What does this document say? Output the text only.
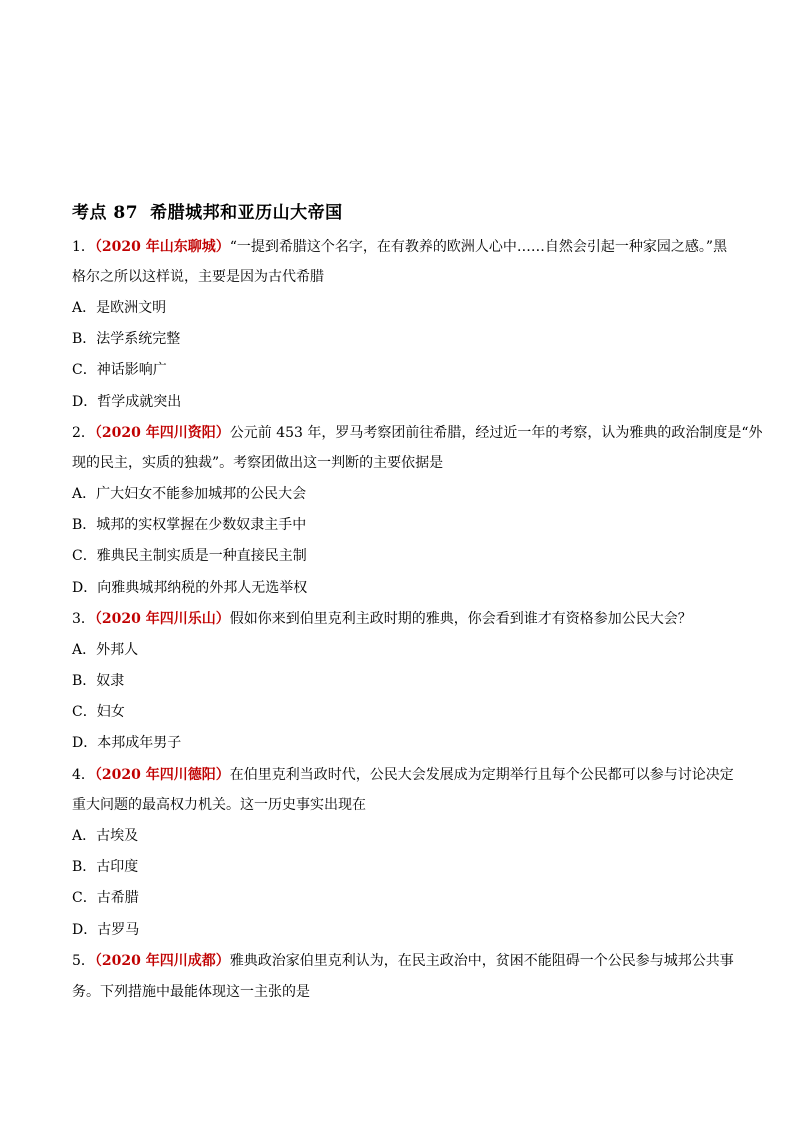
考点 87 希腊城邦和亚历山大帝国
1．（2020 年山东聊城）“一提到希腊这个名字，在有教养的欧洲人心中……自然会引起一种家园之感。”黑
格尔之所以这样说，主要是因为古代希腊
A．是欧洲文明
B．法学系统完整
C．神话影响广
D．哲学成就突出
2．（2020 年四川资阳）公元前 453 年，罗马考察团前往希腊，经过近一年的考察，认为雅典的政治制度是“外
现的民主，实质的独裁”。考察团做出这一判断的主要依据是
A．广大妇女不能参加城邦的公民大会
B．城邦的实权掌握在少数奴隶主手中
C．雅典民主制实质是一种直接民主制
D．向雅典城邦纳税的外邦人无选举权
3．（2020 年四川乐山）假如你来到伯里克利主政时期的雅典，你会看到谁才有资格参加公民大会？
A．外邦人
B．奴隶
C．妇女
D．本邦成年男子
4．（2020 年四川德阳）在伯里克利当政时代，公民大会发展成为定期举行且每个公民都可以参与讨论决定
重大问题的最高权力机关。这一历史事实出现在
A．古埃及
B．古印度
C．古希腊
D．古罗马
5．（2020 年四川成都）雅典政治家伯里克利认为，在民主政治中，贫困不能阻碍一个公民参与城邦公共事
务。下列措施中最能体现这一主张的是
